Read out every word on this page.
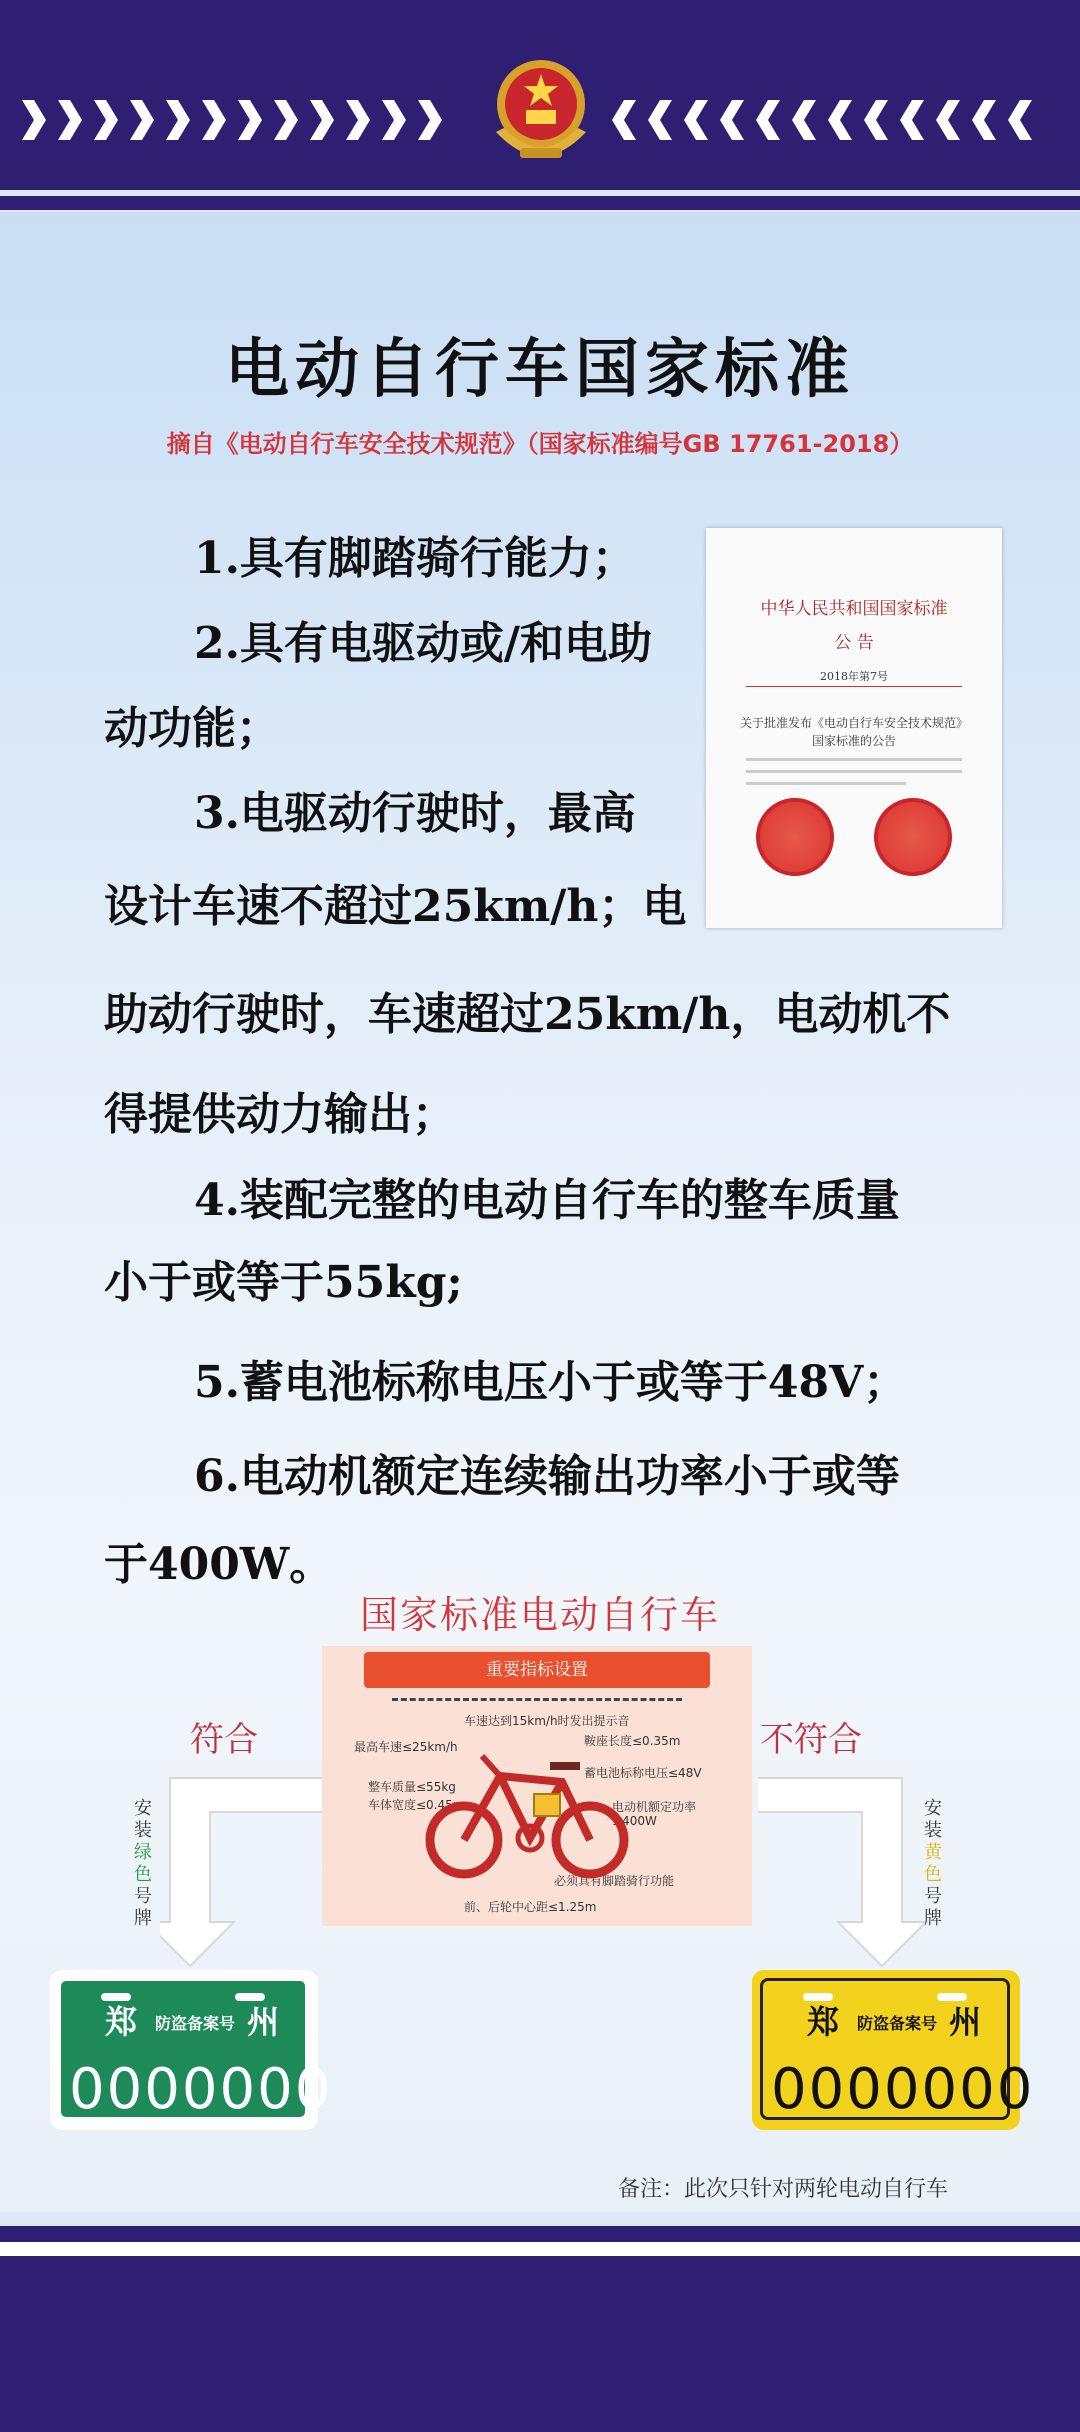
电动自行车国家标准
摘自《电动自行车安全技术规范》（国家标准编号GB 17761-2018）
1.具有脚踏骑行能力；
2.具有电驱动或/和电助
动功能；
3.电驱动行驶时，最高
设计车速不超过25km/h；电
助动行驶时，车速超过25km/h，电动机不
得提供动力输出；
4.装配完整的电动自行车的整车质量
小于或等于55kg;
5.蓄电池标称电压小于或等于48V；
6.电动机额定连续输出功率小于或等
于400W。
中华人民共和国国家标准
公 告
2018年第7号
关于批准发布《电动自行车安全技术规范》
国家标准的公告
国家标准电动自行车
重要指标设置
车速达到15km/h时发出提示音
最高车速≤25km/h	鞍座长度≤0.35m
蓄电池标称电压≤48V
整车质量≤55kg
车体宽度≤0.45m	电动机额定功率
≤400W
必须具有脚踏骑行功能
前、后轮中心距≤1.25m
符合	不符合
安
装
绿
色
号
牌
安
装
黄
色
号
牌
郑	防盗备案号 州
0000000
郑	防盗备案号 州
0000000
备注：此次只针对两轮电动自行车
